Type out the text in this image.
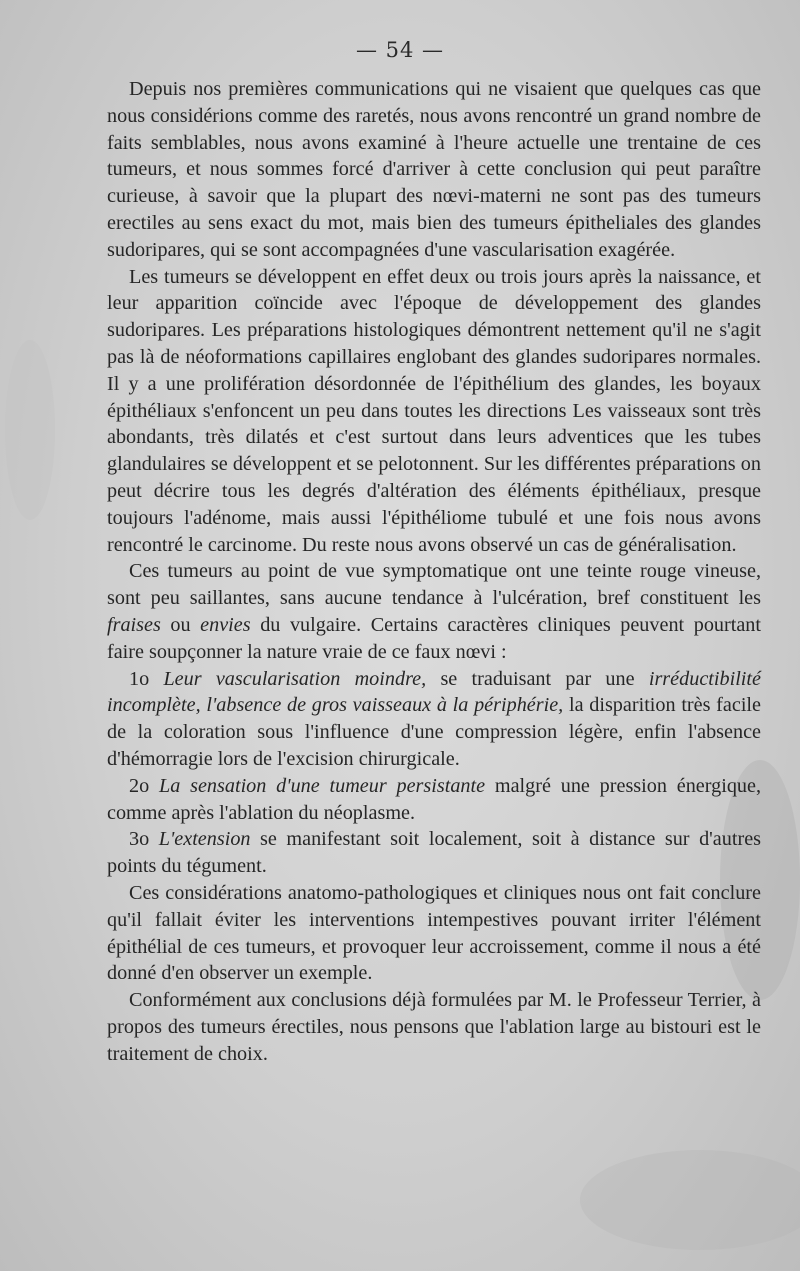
— 54 —

Depuis nos premières communications qui ne visaient que quelques cas que nous considérions comme des raretés, nous avons rencontré un grand nombre de faits semblables, nous avons examiné à l'heure actuelle une trentaine de ces tumeurs, et nous sommes forcé d'arriver à cette conclusion qui peut paraître curieuse, à savoir que la plupart des nœvi-materni ne sont pas des tumeurs erectiles au sens exact du mot, mais bien des tumeurs épitheliales des glandes sudoripares, qui se sont accompagnées d'une vascularisation exagérée.

Les tumeurs se développent en effet deux ou trois jours après la naissance, et leur apparition coïncide avec l'époque de développement des glandes sudoripares. Les préparations histologiques démontrent nettement qu'il ne s'agit pas là de néoformations capillaires englobant des glandes sudoripares normales. Il y a une prolifération désordonnée de l'épithélium des glandes, les boyaux épithéliaux s'enfoncent un peu dans toutes les directions Les vaisseaux sont très abondants, très dilatés et c'est surtout dans leurs adventices que les tubes glandulaires se développent et se pelotonnent. Sur les différentes préparations on peut décrire tous les degrés d'altération des éléments épithéliaux, presque toujours l'adénome, mais aussi l'épithéliome tubulé et une fois nous avons rencontré le carcinome. Du reste nous avons observé un cas de généralisation.

Ces tumeurs au point de vue symptomatique ont une teinte rouge vineuse, sont peu saillantes, sans aucune tendance à l'ulcération, bref constituent les fraises ou envies du vulgaire. Certains caractères cliniques peuvent pourtant faire soupçonner la nature vraie de ce faux nœvi :

1o Leur vascularisation moindre, se traduisant par une irréductibilité incomplète, l'absence de gros vaisseaux à la périphérie, la disparition très facile de la coloration sous l'influence d'une compression légère, enfin l'absence d'hémorragie lors de l'excision chirurgicale.

2o La sensation d'une tumeur persistante malgré une pression énergique, comme après l'ablation du néoplasme.

3o L'extension se manifestant soit localement, soit à distance sur d'autres points du tégument.

Ces considérations anatomo-pathologiques et cliniques nous ont fait conclure qu'il fallait éviter les interventions intempestives pouvant irriter l'élément épithélial de ces tumeurs, et provoquer leur accroissement, comme il nous a été donné d'en observer un exemple.

Conformément aux conclusions déjà formulées par M. le Professeur Terrier, à propos des tumeurs érectiles, nous pensons que l'ablation large au bistouri est le traitement de choix.
